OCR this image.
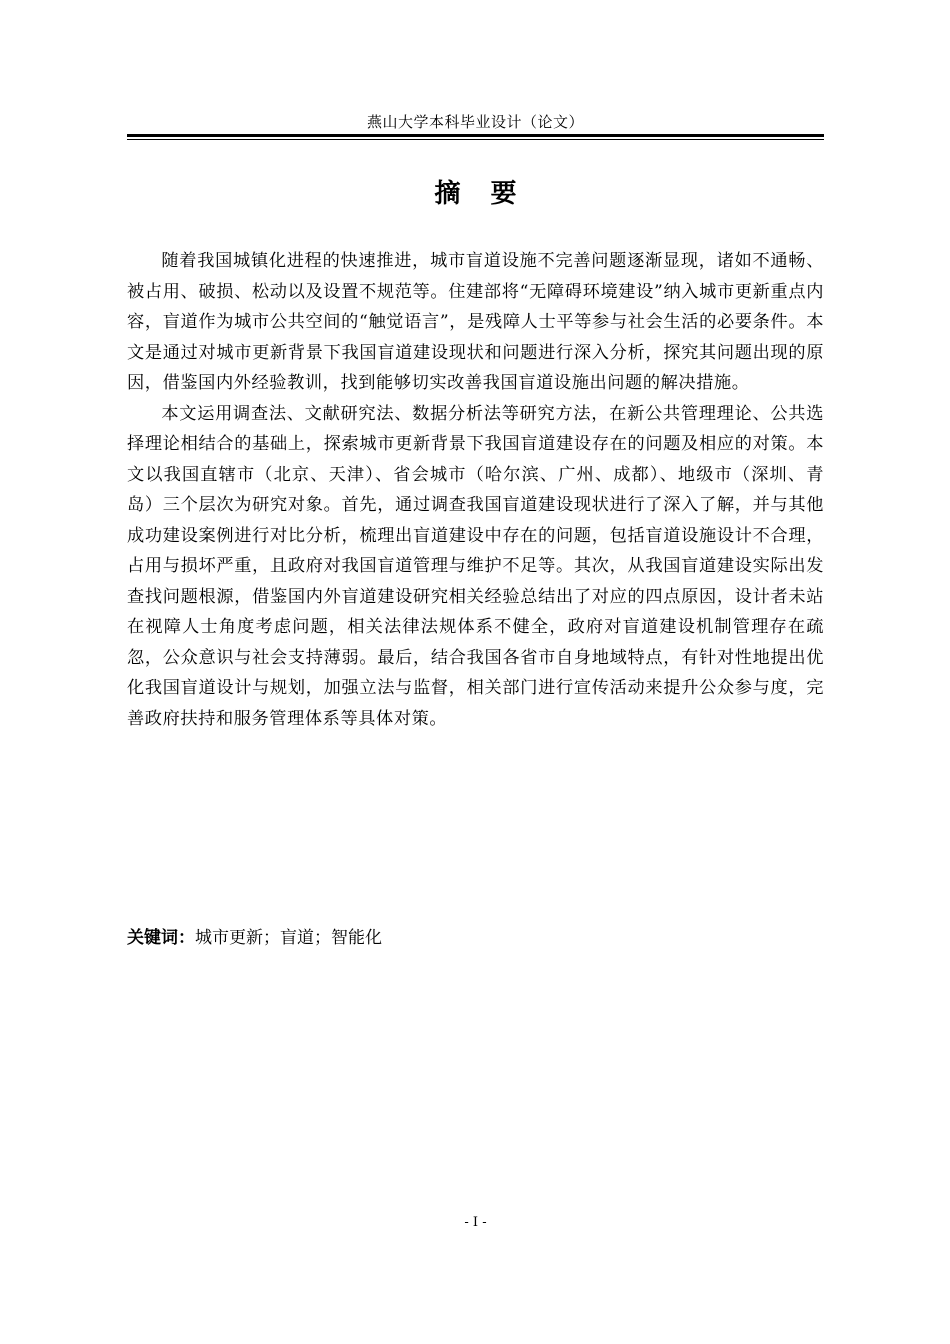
燕山大学本科毕业设计（论文）
摘要

随着我国城镇化进程的快速推进，城市盲道设施不完善问题逐渐显现，诸如不通畅、被占用、破损、松动以及设置不规范等。住建部将“无障碍环境建设”纳入城市更新重点内容，盲道作为城市公共空间的“触觉语言”，是残障人士平等参与社会生活的必要条件。本文是通过对城市更新背景下我国盲道建设现状和问题进行深入分析，探究其问题出现的原因，借鉴国内外经验教训，找到能够切实改善我国盲道设施出问题的解决措施。

本文运用调查法、文献研究法、数据分析法等研究方法，在新公共管理理论、公共选择理论相结合的基础上，探索城市更新背景下我国盲道建设存在的问题及相应的对策。本文以我国直辖市（北京、天津）、省会城市（哈尔滨、广州、成都）、地级市（深圳、青岛）三个层次为研究对象。首先，通过调查我国盲道建设现状进行了深入了解，并与其他成功建设案例进行对比分析，梳理出盲道建设中存在的问题，包括盲道设施设计不合理，占用与损坏严重，且政府对我国盲道管理与维护不足等。其次，从我国盲道建设实际出发查找问题根源，借鉴国内外盲道建设研究相关经验总结出了对应的四点原因，设计者未站在视障人士角度考虑问题，相关法律法规体系不健全，政府对盲道建设机制管理存在疏忽，公众意识与社会支持薄弱。最后，结合我国各省市自身地域特点，有针对性地提出优化我国盲道设计与规划，加强立法与监督，相关部门进行宣传活动来提升公众参与度，完善政府扶持和服务管理体系等具体对策。

关键词：城市更新；盲道；智能化
- I -
